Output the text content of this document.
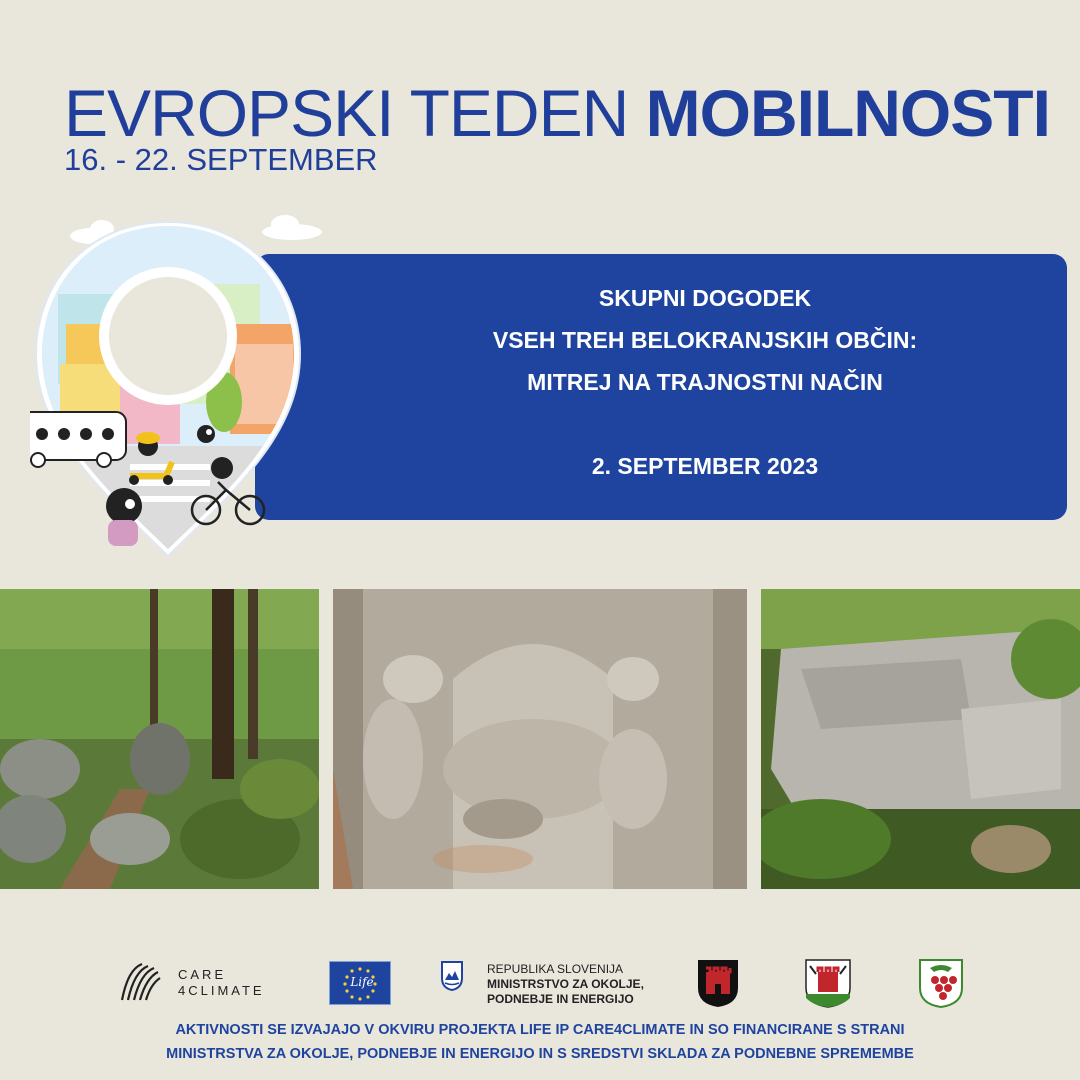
EVROPSKI TEDEN MOBILNOSTI
16. - 22. SEPTEMBER
SKUPNI DOGODEK
VSEH TREH BELOKRANJSKIH OBČIN:
MITREJ NA TRAJNOSTNI NAČIN
2. SEPTEMBER 2023
CARE
4CLIMATE
Life
REPUBLIKA SLOVENIJA
MINISTRSTVO ZA OKOLJE,
PODNEBJE IN ENERGIJO
AKTIVNOSTI SE IZVAJAJO V OKVIRU PROJEKTA LIFE IP CARE4CLIMATE IN SO FINANCIRANE S STRANI
MINISTRSTVA ZA OKOLJE, PODNEBJE IN ENERGIJO IN S SREDSTVI SKLADA ZA PODNEBNE SPREMEMBE
